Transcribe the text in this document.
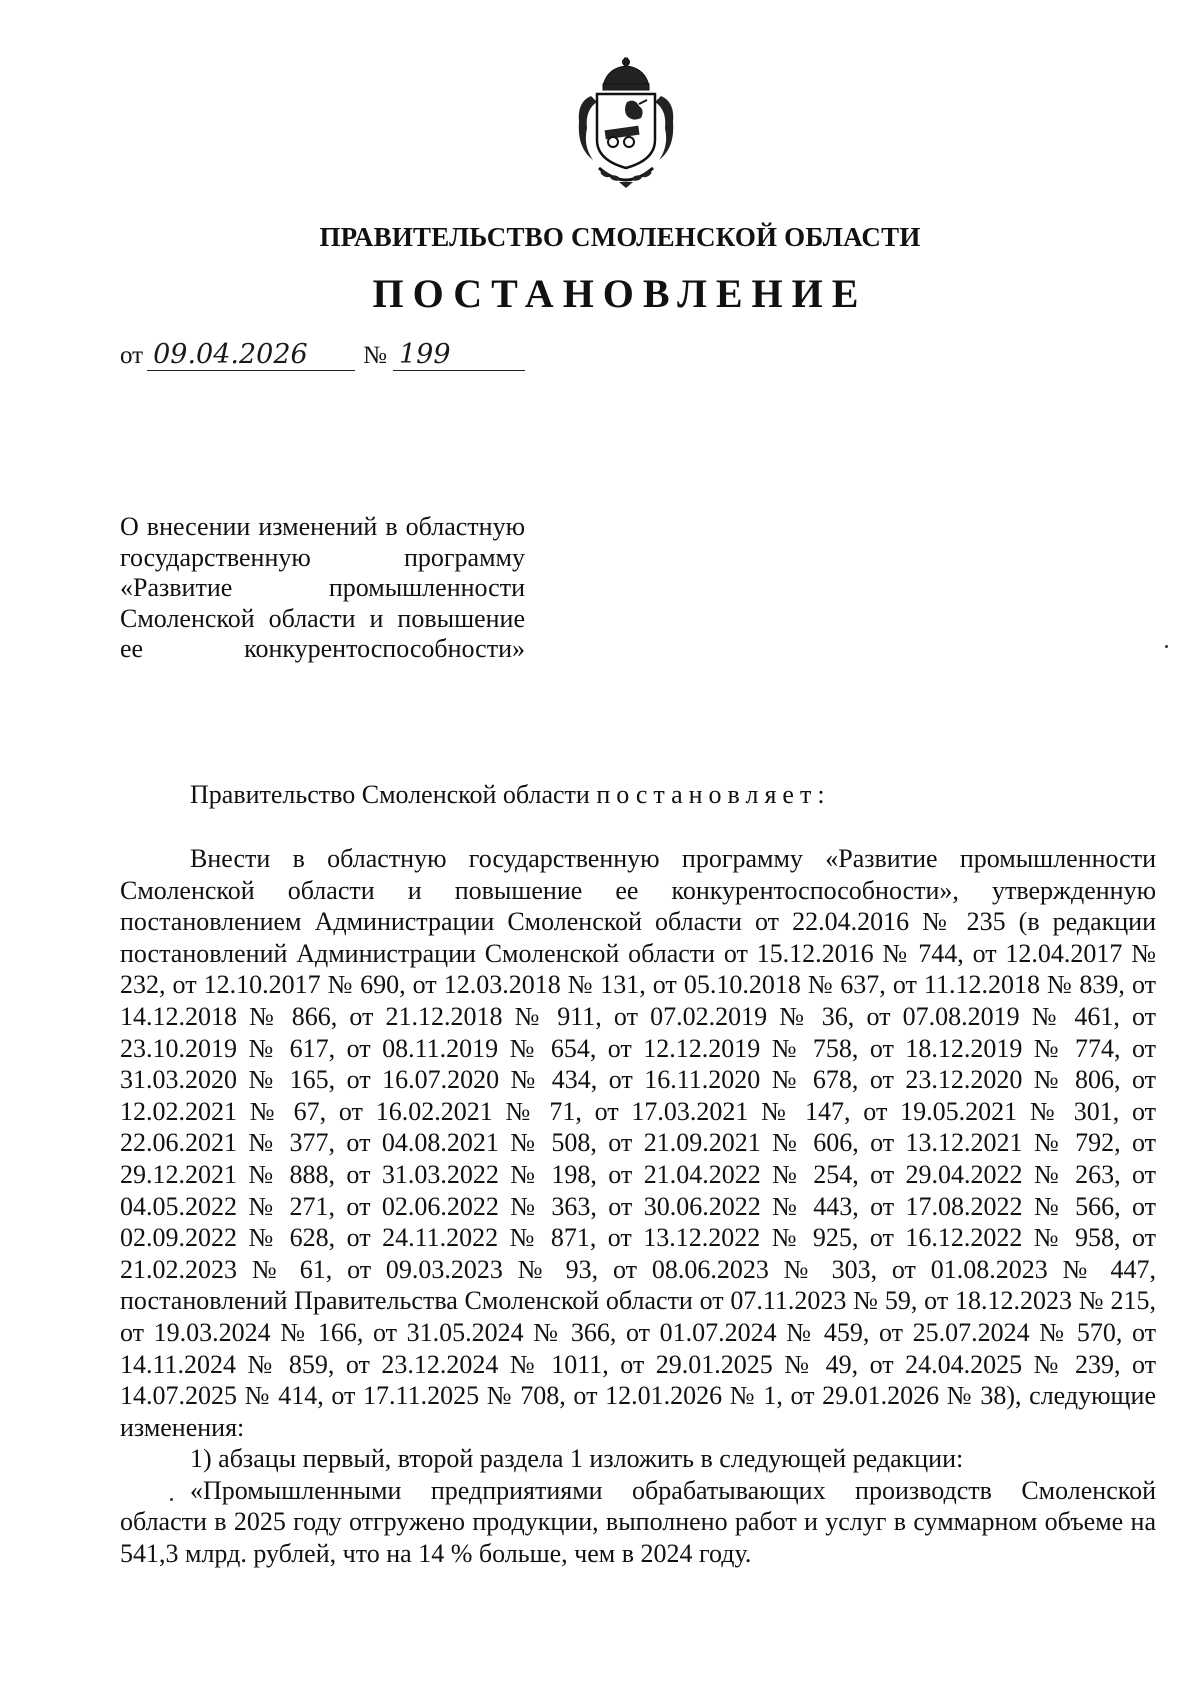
ПРАВИТЕЛЬСТВО СМОЛЕНСКОЙ ОБЛАСТИ
ПОСТАНОВЛЕНИЕ
от 09.04.2026	№ 199
О внесении изменений в областную государственную программу «Развитие промышленности Смоленской области и повышение ее конкурентоспособности»
Правительство Смоленской области постановляет:

Внести в областную государственную программу «Развитие промышленности Смоленской области и повышение ее конкурентоспособности», утвержденную постановлением Администрации Смоленской области от 22.04.2016 № 235 (в редакции постановлений Администрации Смоленской области от 15.12.2016 № 744, от 12.04.2017 № 232, от 12.10.2017 № 690, от 12.03.2018 № 131, от 05.10.2018 № 637, от 11.12.2018 № 839, от 14.12.2018 № 866, от 21.12.2018 № 911, от 07.02.2019 № 36, от 07.08.2019 № 461, от 23.10.2019 № 617, от 08.11.2019 № 654, от 12.12.2019 № 758, от 18.12.2019 № 774, от 31.03.2020 № 165, от 16.07.2020 № 434, от 16.11.2020 № 678, от 23.12.2020 № 806, от 12.02.2021 № 67, от 16.02.2021 № 71, от 17.03.2021 № 147, от 19.05.2021 № 301, от 22.06.2021 № 377, от 04.08.2021 № 508, от 21.09.2021 № 606, от 13.12.2021 № 792, от 29.12.2021 № 888, от 31.03.2022 № 198, от 21.04.2022 № 254, от 29.04.2022 № 263, от 04.05.2022 № 271, от 02.06.2022 № 363, от 30.06.2022 № 443, от 17.08.2022 № 566, от 02.09.2022 № 628, от 24.11.2022 № 871, от 13.12.2022 № 925, от 16.12.2022 № 958, от 21.02.2023 № 61, от 09.03.2023 № 93, от 08.06.2023 № 303, от 01.08.2023 № 447, постановлений Правительства Смоленской области от 07.11.2023 № 59, от 18.12.2023 № 215, от 19.03.2024 № 166, от 31.05.2024 № 366, от 01.07.2024 № 459, от 25.07.2024 № 570, от 14.11.2024 № 859, от 23.12.2024 № 1011, от 29.01.2025 № 49, от 24.04.2025 № 239, от 14.07.2025 № 414, от 17.11.2025 № 708, от 12.01.2026 № 1, от 29.01.2026 № 38), следующие изменения:

1) абзацы первый, второй раздела 1 изложить в следующей редакции:

«Промышленными предприятиями обрабатывающих производств Смоленской области в 2025 году отгружено продукции, выполнено работ и услуг в суммарном объеме на 541,3 млрд. рублей, что на 14 % больше, чем в 2024 году.
